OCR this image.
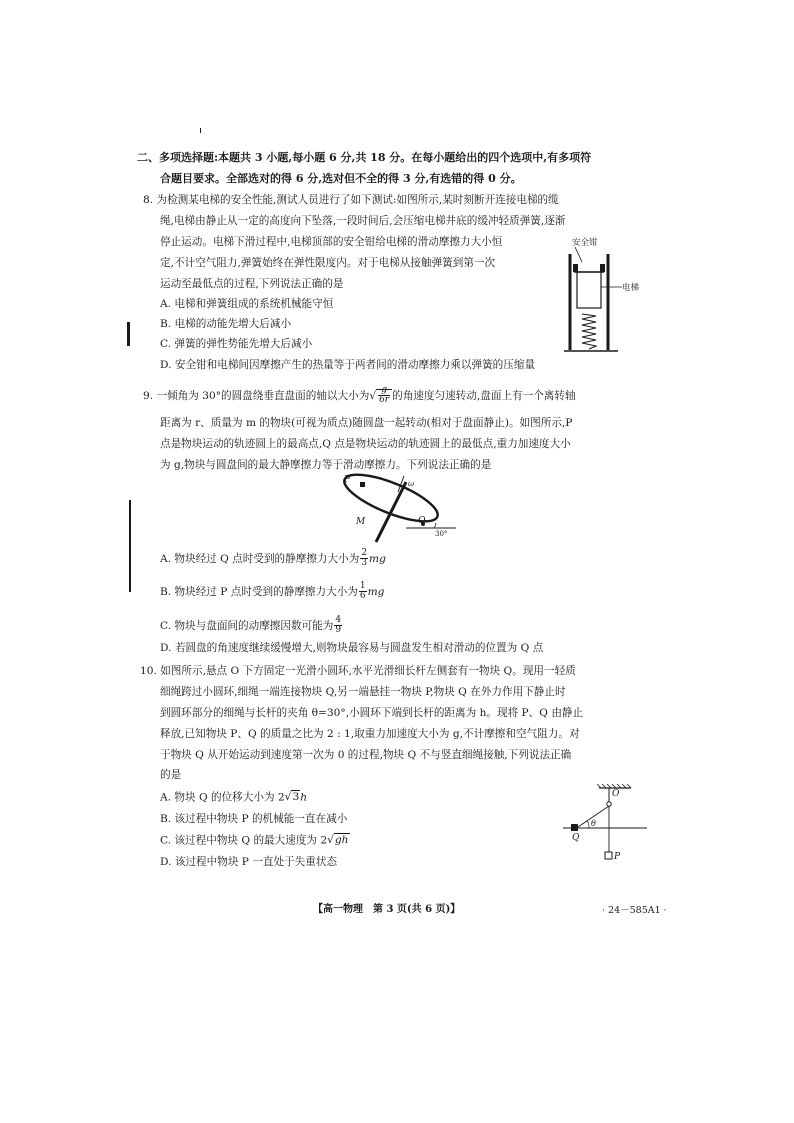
二、多项选择题:本题共 3 小题,每小题 6 分,共 18 分。在每小题给出的四个选项中,有多项符
合题目要求。全部选对的得 6 分,选对但不全的得 3 分,有选错的得 0 分。
8. 为检测某电梯的安全性能,测试人员进行了如下测试:如图所示,某时刻断开连接电梯的缆
绳,电梯由静止从一定的高度向下坠落,一段时间后,会压缩电梯井底的缓冲轻质弹簧,逐渐
停止运动。电梯下滑过程中,电梯顶部的安全钳给电梯的滑动摩擦力大小恒
定,不计空气阻力,弹簧始终在弹性限度内。对于电梯从接触弹簧到第一次
运动至最低点的过程,下列说法正确的是
A. 电梯和弹簧组成的系统机械能守恒
B. 电梯的动能先增大后减小
C. 弹簧的弹性势能先增大后减小
D. 安全钳和电梯间因摩擦产生的热量等于两者间的滑动摩擦力乘以弹簧的压缩量
安全钳
电梯
9. 一倾角为 30°的圆盘绕垂直盘面的轴以大小为√ $\frac{g}{6r}$ 的角速度匀速转动,盘面上有一个离转轴
距离为 r、质量为 m 的物块(可视为质点)随圆盘一起转动(相对于盘面静止)。如图所示,P
点是物块运动的轨迹圆上的最高点,Q 点是物块运动的轨迹圆上的最低点,重力加速度大小
为 g,物块与圆盘间的最大静摩擦力等于滑动摩擦力。下列说法正确的是
P	ω
M	Q
30°
A. 物块经过 Q 点时受到的静摩擦力大小为 $\frac{2}{3}$ mg
B. 物块经过 P 点时受到的静摩擦力大小为 $\frac{1}{6}$ mg
C. 物块与盘面间的动摩擦因数可能为 $\frac{4}{9}$
D. 若圆盘的角速度继续缓慢增大,则物块最容易与圆盘发生相对滑动的位置为 Q 点
10. 如图所示,悬点 O 下方固定一光滑小圆环,水平光滑细长杆左侧套有一物块 Q。现用一轻质
细绳跨过小圆环,细绳一端连接物块 Q,另一端悬挂一物块 P,物块 Q 在外力作用下静止时
到圆环部分的细绳与长杆的夹角 θ=30°,小圆环下端到长杆的距离为 h。现将 P、Q 由静止
释放,已知物块 P、Q 的质量之比为 2 : 1,取重力加速度大小为 g,不计摩擦和空气阻力。对
于物块 Q 从开始运动到速度第一次为 0 的过程,物块 Q 不与竖直细绳接触,下列说法正确
的是
A. 物块 Q 的位移大小为 2√3h
B. 该过程中物块 P 的机械能一直在减小
C. 该过程中物块 Q 的最大速度为 2√gh
D. 该过程中物块 P 一直处于失重状态
O
θ
Q
P
【高一物理　第 3 页(共 6 页)】	· 24－585A1 ·
